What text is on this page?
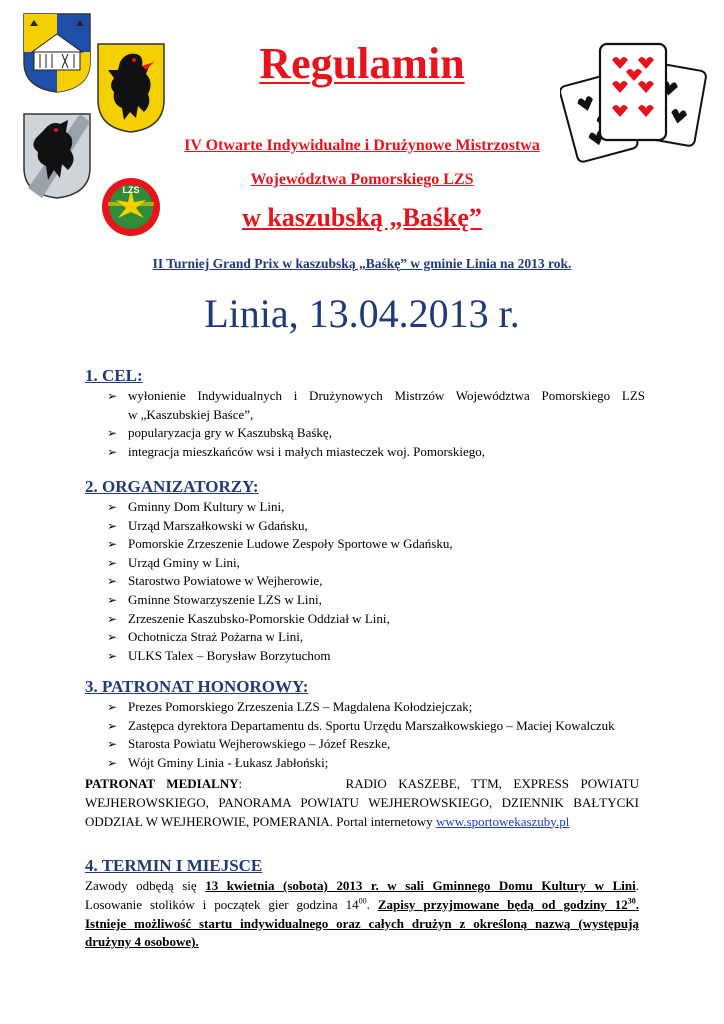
LZS
Regulamin
IV Otwarte Indywidualne i Drużynowe Mistrzostwa
Województwa Pomorskiego LZS
w kaszubską „Baśkę”
II Turniej Grand Prix w kaszubską „Baśkę” w gminie Linia na 2013 rok.
Linia, 13.04.2013 r.
1. CEL:
➢ wyłonienie Indywidualnych i Drużynowych Mistrzów Województwa Pomorskiego LZS
w „Kaszubskiej Baśce”,
➢ popularyzacja gry w Kaszubską Baśkę,
➢ integracja mieszkańców wsi i małych miasteczek woj. Pomorskiego,
2. ORGANIZATORZY:
➢ Gminny Dom Kultury w Lini,
➢ Urząd Marszałkowski w Gdańsku,
➢ Pomorskie Zrzeszenie Ludowe Zespoły Sportowe w Gdańsku,
➢ Urząd Gminy w Lini,
➢ Starostwo Powiatowe w Wejherowie,
➢ Gminne Stowarzyszenie LZS w Lini,
➢ Zrzeszenie Kaszubsko-Pomorskie Oddział w Lini,
➢ Ochotnicza Straż Pożarna w Lini,
➢ ULKS Talex – Borysław Borzytuchom
3. PATRONAT HONOROWY:
➢ Prezes Pomorskiego Zrzeszenia LZS – Magdalena Kołodziejczak;
➢ Zastępca dyrektora Departamentu ds. Sportu Urzędu Marszałkowskiego – Maciej Kowalczuk
➢ Starosta Powiatu Wejherowskiego – Józef Reszke,
➢ Wójt Gminy Linia - Łukasz Jabłoński;
PATRONAT MEDIALNY:	RADIO KASZEBE, TTM, EXPRESS POWIATU
WEJHEROWSKIEGO, PANORAMA POWIATU WEJHEROWSKIEGO, DZIENNIK BAŁTYCKI
ODDZIAŁ W WEJHEROWIE, POMERANIA. Portal internetowy www.sportowekaszuby.pl
4. TERMIN I MIEJSCE
Zawody odbędą się 13 kwietnia (sobota) 2013 r. w sali Gminnego Domu Kultury w Lini.
Losowanie stolików i początek gier godzina $14^{00}$. Zapisy przyjmowane będą od godziny $12^{30}$.
Istnieje możliwość startu indywidualnego oraz całych drużyn z określoną nazwą (występują drużyny 4 osobowe).
